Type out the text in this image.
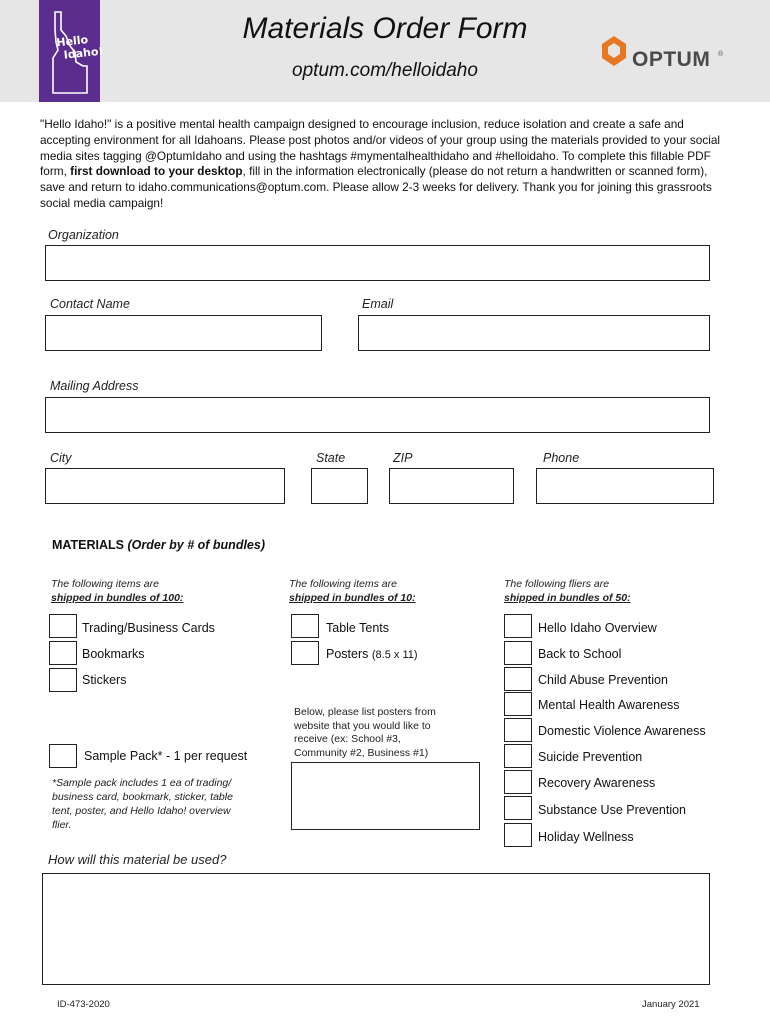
Hello
Idaho!
Materials Order Form
optum.com/helloidaho	OPTUM ®
"Hello Idaho!" is a positive mental health campaign designed to encourage inclusion, reduce isolation and create a safe and accepting environment for all Idahoans. Please post photos and/or videos of your group using the materials provided to your social media sites tagging @OptumIdaho and using the hashtags #mymentalhealthidaho and #helloidaho. To complete this fillable PDF form, first download to your desktop, fill in the information electronically (please do not return a handwritten or scanned form), save and return to idaho.communications@optum.com. Please allow 2-3 weeks for delivery. Thank you for joining this grassroots social media campaign!
Organization
Contact Name	Email
Mailing Address
City	State	ZIP	Phone
MATERIALS (Order by # of bundles)
The following items are
shipped in bundles of 100:
The following items are
shipped in bundles of 10:
The following fliers are
shipped in bundles of 50:
Trading/Business Cards
Bookmarks
Stickers
Sample Pack* - 1 per request
*Sample pack includes 1 ea of trading/
business card, bookmark, sticker, table
tent, poster, and Hello Idaho! overview
flier.
Table Tents
Posters (8.5 x 11)
Below, please list posters from
website that you would like to
receive (ex: School #3,
Community #2, Business #1)
Hello Idaho Overview
Back to School
Child Abuse Prevention
Mental Health Awareness
Domestic Violence Awareness
Suicide Prevention
Recovery Awareness
Substance Use Prevention
Holiday Wellness
How will this material be used?
ID-473-2020	January 2021
